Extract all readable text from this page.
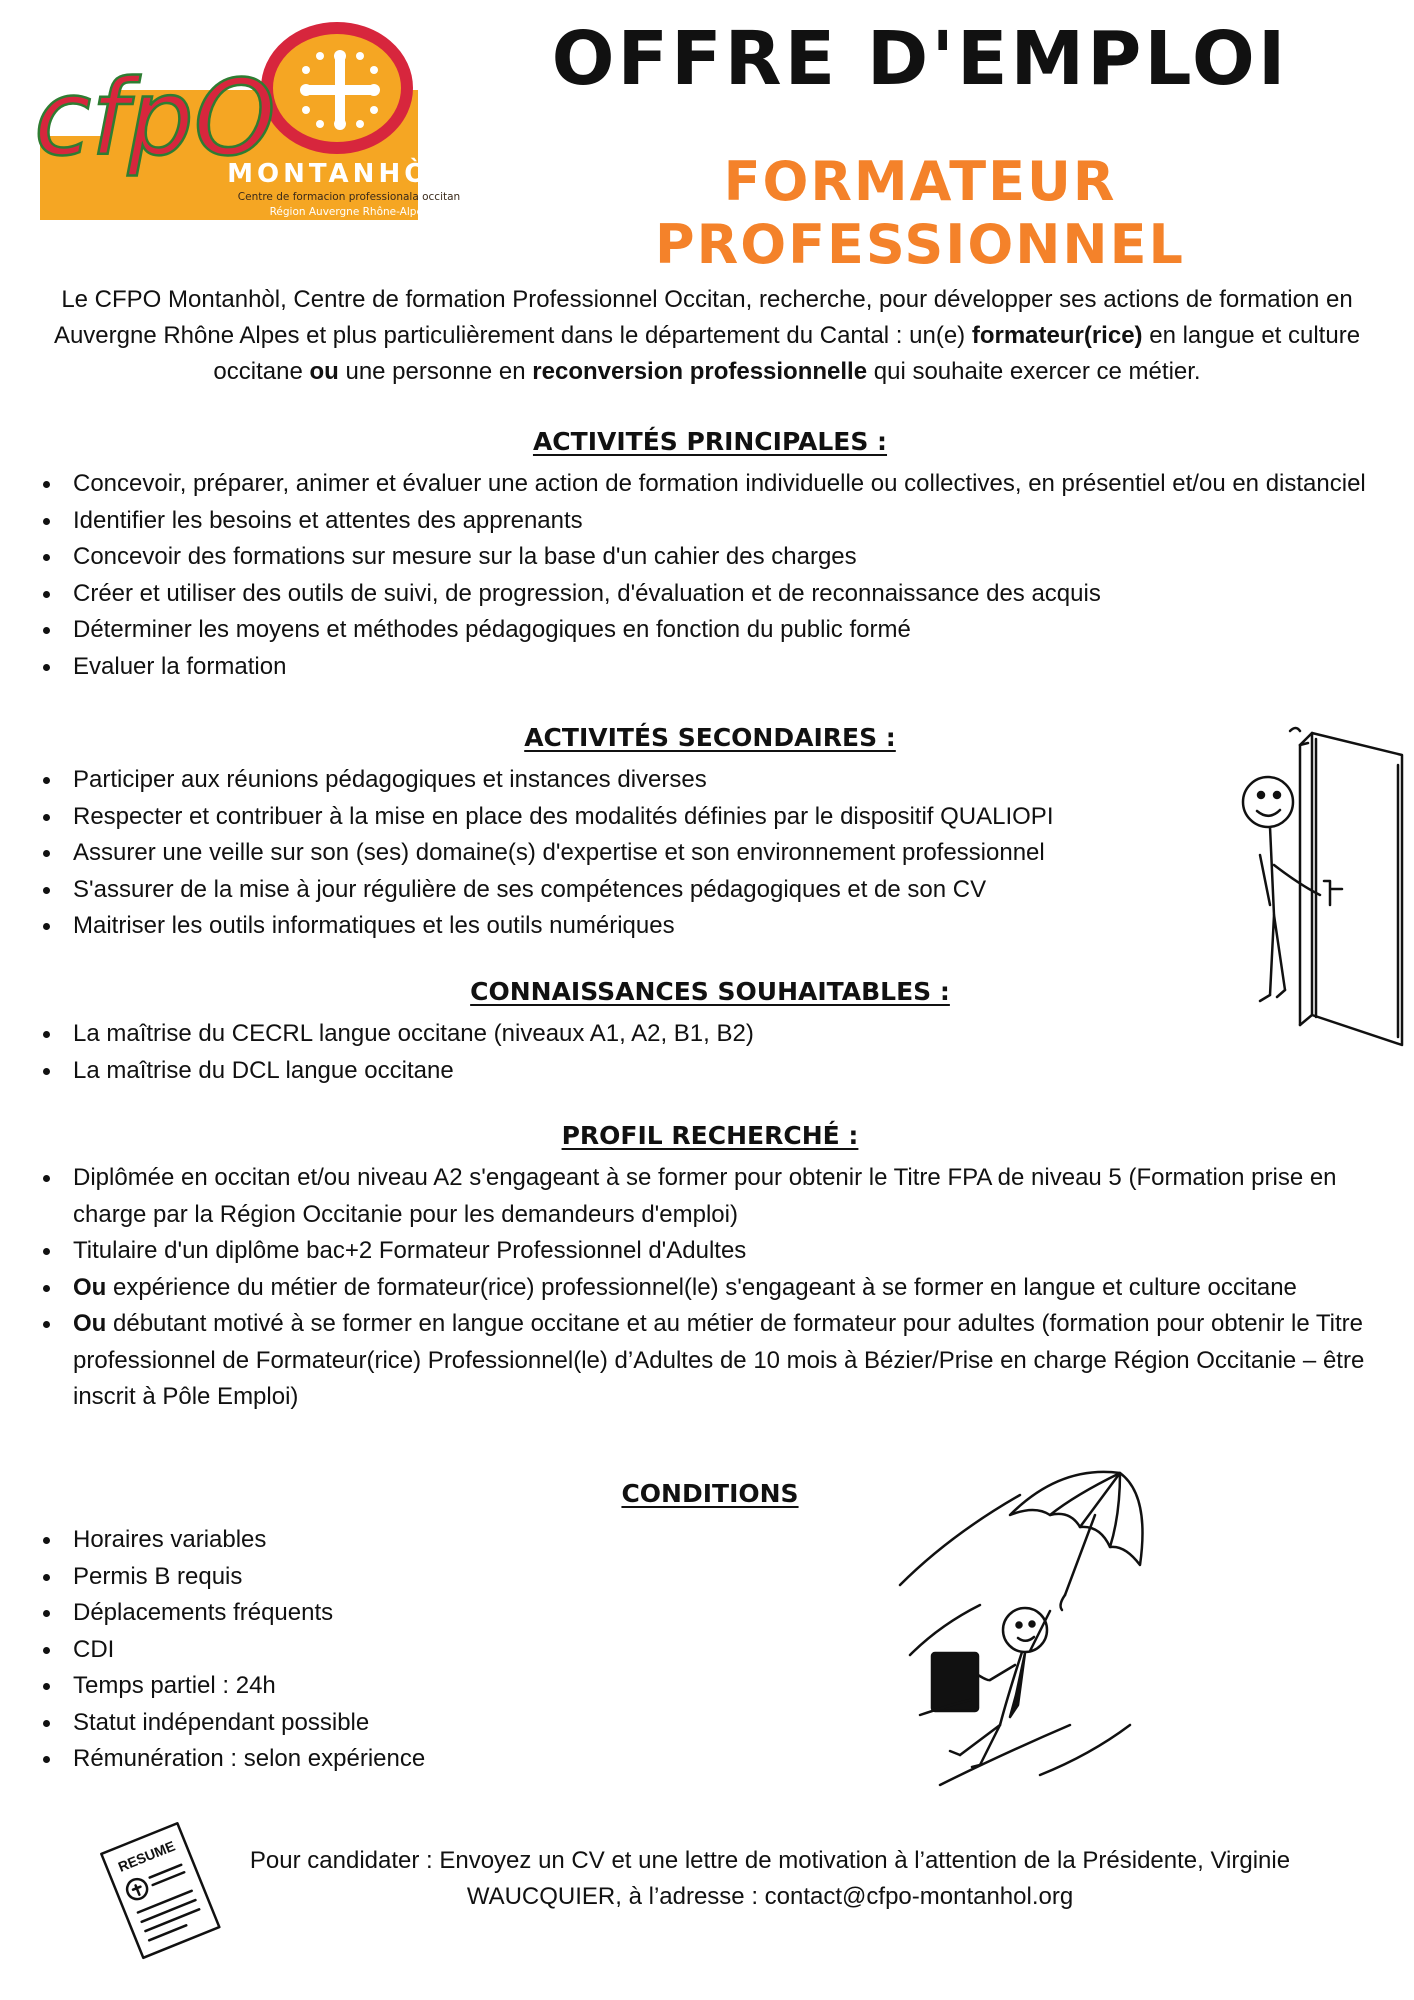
cfpO
MONTANHÒL
Centre de formacion professionala occitan
Région Auvergne Rhône-Alpes
OFFRE D'EMPLOI
FORMATEUR PROFESSIONNEL

Le CFPO Montanhòl, Centre de formation Professionnel Occitan, recherche, pour développer ses actions de formation en Auvergne Rhône Alpes et plus particulièrement dans le département du Cantal : un(e) formateur(rice) en langue et culture occitane ou une personne en reconversion professionnelle qui souhaite exercer ce métier.

ACTIVITÉS PRINCIPALES :
Concevoir, préparer, animer et évaluer une action de formation individuelle ou collectives, en présentiel et/ou en distanciel
Identifier les besoins et attentes des apprenants
Concevoir des formations sur mesure sur la base d'un cahier des charges
Créer et utiliser des outils de suivi, de progression, d'évaluation et de reconnaissance des acquis
Déterminer les moyens et méthodes pédagogiques en fonction du public formé
Evaluer la formation
ACTIVITÉS SECONDAIRES :
Participer aux réunions pédagogiques et instances diverses
Respecter et contribuer à la mise en place des modalités définies par le dispositif QUALIOPI
Assurer une veille sur son (ses) domaine(s) d'expertise et son environnement professionnel
S'assurer de la mise à jour régulière de ses compétences pédagogiques et de son CV
Maitriser les outils informatiques et les outils numériques
CONNAISSANCES SOUHAITABLES :
La maîtrise du CECRL langue occitane (niveaux A1, A2, B1, B2)
La maîtrise du DCL langue occitane
PROFIL RECHERCHÉ :
Diplômée en occitan et/ou niveau A2 s'engageant à se former pour obtenir le Titre FPA de niveau 5 (Formation prise en charge par la Région Occitanie pour les demandeurs d'emploi)
Titulaire d'un diplôme bac+2 Formateur Professionnel d'Adultes
Ou expérience du métier de formateur(rice) professionnel(le) s'engageant à se former en langue et culture occitane
Ou débutant motivé à se former en langue occitane et au métier de formateur pour adultes (formation pour obtenir le Titre professionnel de Formateur(rice) Professionnel(le) d’Adultes de 10 mois à Bézier/Prise en charge Région Occitanie – être inscrit à Pôle Emploi)
CONDITIONS
Horaires variables
Permis B requis
Déplacements fréquents
CDI
Temps partiel : 24h
Statut indépendant possible
Rémunération : selon expérience
RESUME	Pour candidater : Envoyez un CV et une lettre de motivation à l’attention de la Présidente, Virginie WAUCQUIER, à l’adresse : contact@cfpo-montanhol.org
